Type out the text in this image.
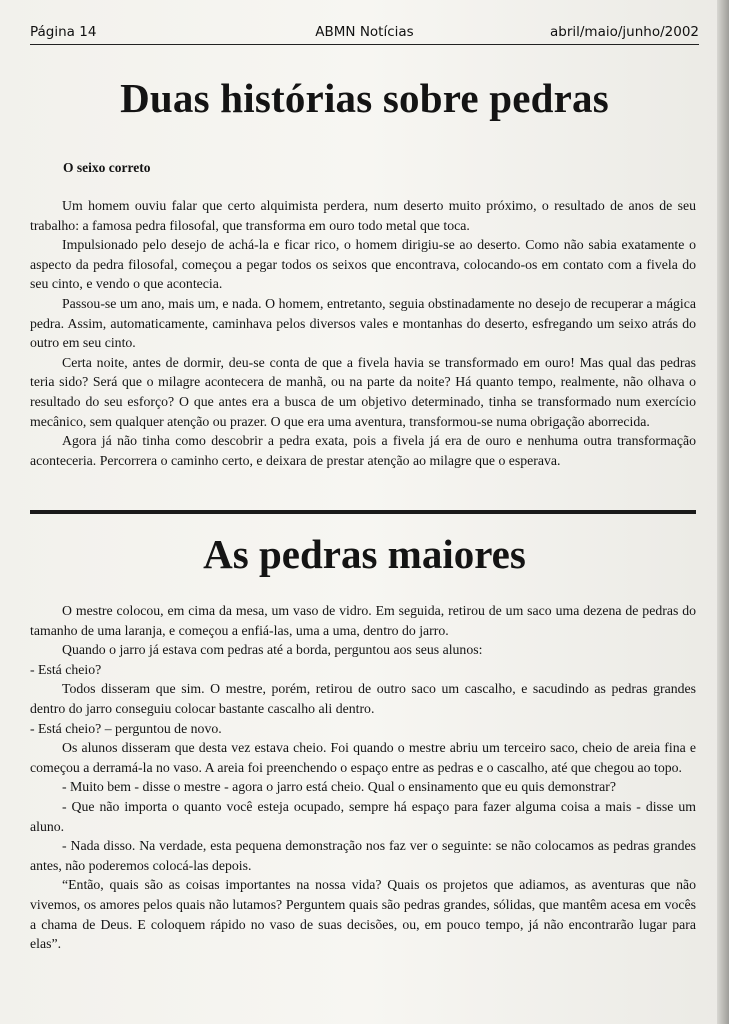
Página 14	ABMN Notícias	abril/maio/junho/2002
Duas histórias sobre pedras
O seixo correto

Um homem ouviu falar que certo alquimista perdera, num deserto muito próximo, o resultado de anos de seu trabalho: a famosa pedra filosofal, que transforma em ouro todo metal que toca.

Impulsionado pelo desejo de achá-la e ficar rico, o homem dirigiu-se ao deserto. Como não sabia exatamente o aspecto da pedra filosofal, começou a pegar todos os seixos que encontrava, colocando-os em contato com a fivela do seu cinto, e vendo o que acontecia.

Passou-se um ano, mais um, e nada. O homem, entretanto, seguia obstinadamente no desejo de recuperar a mágica pedra. Assim, automaticamente, caminhava pelos diversos vales e montanhas do deserto, esfregando um seixo atrás do outro em seu cinto.

Certa noite, antes de dormir, deu-se conta de que a fivela havia se transformado em ouro! Mas qual das pedras teria sido? Será que o milagre acontecera de manhã, ou na parte da noite? Há quanto tempo, realmente, não olhava o resultado do seu esforço? O que antes era a busca de um objetivo determinado, tinha se transformado num exercício mecânico, sem qualquer atenção ou prazer. O que era uma aventura, transformou-se numa obrigação aborrecida.

Agora já não tinha como descobrir a pedra exata, pois a fivela já era de ouro e nenhuma outra transformação aconteceria. Percorrera o caminho certo, e deixara de prestar atenção ao milagre que o esperava.

As pedras maiores

O mestre colocou, em cima da mesa, um vaso de vidro. Em seguida, retirou de um saco uma dezena de pedras do tamanho de uma laranja, e começou a enfiá-las, uma a uma, dentro do jarro.

Quando o jarro já estava com pedras até a borda, perguntou aos seus alunos:

- Está cheio?

Todos disseram que sim. O mestre, porém, retirou de outro saco um cascalho, e sacudindo as pedras grandes dentro do jarro conseguiu colocar bastante cascalho ali dentro.

- Está cheio? – perguntou de novo.

Os alunos disseram que desta vez estava cheio. Foi quando o mestre abriu um terceiro saco, cheio de areia fina e começou a derramá-la no vaso. A areia foi preenchendo o espaço entre as pedras e o cascalho, até que chegou ao topo.

- Muito bem - disse o mestre - agora o jarro está cheio. Qual o ensinamento que eu quis demonstrar?

- Que não importa o quanto você esteja ocupado, sempre há espaço para fazer alguma coisa a mais - disse um aluno.

- Nada disso. Na verdade, esta pequena demonstração nos faz ver o seguinte: se não colocamos as pedras grandes antes, não poderemos colocá-las depois.

“Então, quais são as coisas importantes na nossa vida? Quais os projetos que adiamos, as aventuras que não vivemos, os amores pelos quais não lutamos? Perguntem quais são pedras grandes, sólidas, que mantêm acesa em vocês a chama de Deus. E coloquem rápido no vaso de suas decisões, ou, em pouco tempo, já não encontrarão lugar para elas”.
